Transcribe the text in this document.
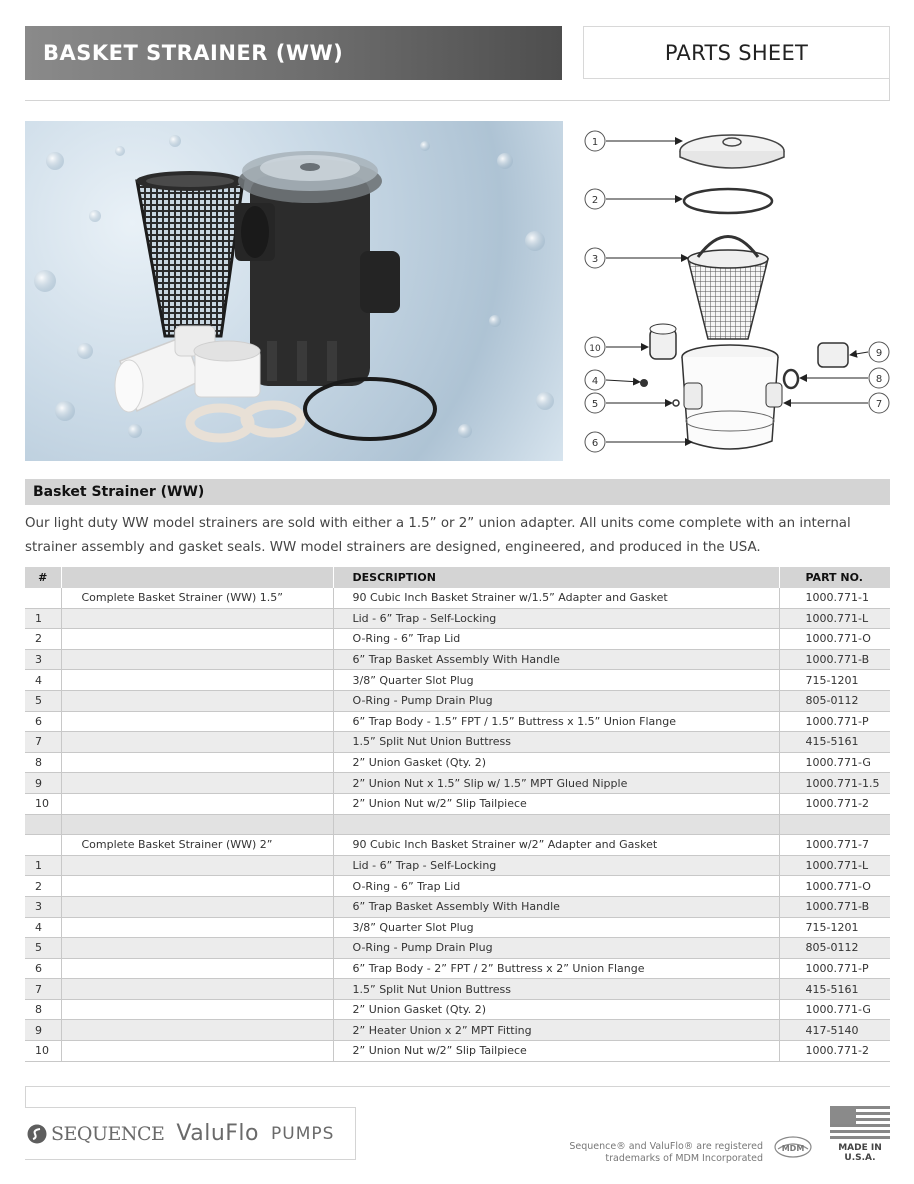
BASKET STRAINER (WW)	PARTS SHEET
1
2
3
10
4
5
6
9
8
7
Basket Strainer (WW)
Our light duty WW model strainers are sold with either a 1.5” or 2” union adapter. All units come complete with an internal strainer assembly and gasket seals. WW model strainers are designed, engineered, and produced in the USA.
#		DESCRIPTION	PART NO.
	Complete Basket Strainer (WW) 1.5”	90 Cubic Inch Basket Strainer w/1.5” Adapter and Gasket	1000.771-1
1		Lid - 6” Trap - Self-Locking	1000.771-L
2		O-Ring - 6” Trap Lid	1000.771-O
3		6” Trap Basket Assembly With Handle	1000.771-B
4		3/8” Quarter Slot Plug	715-1201
5		O-Ring - Pump Drain Plug	805-0112
6		6” Trap Body - 1.5” FPT / 1.5” Buttress x 1.5” Union Flange	1000.771-P
7		1.5” Split Nut Union Buttress	415-5161
8		2” Union Gasket (Qty. 2)	1000.771-G
9		2” Union Nut x 1.5” Slip w/ 1.5” MPT Glued Nipple	1000.771-1.5
10		2” Union Nut w/2” Slip Tailpiece	1000.771-2

	Complete Basket Strainer (WW) 2”	90 Cubic Inch Basket Strainer w/2” Adapter and Gasket	1000.771-7
1		Lid - 6” Trap - Self-Locking	1000.771-L
2		O-Ring - 6” Trap Lid	1000.771-O
3		6” Trap Basket Assembly With Handle	1000.771-B
4		3/8” Quarter Slot Plug	715-1201
5		O-Ring - Pump Drain Plug	805-0112
6		6” Trap Body - 2” FPT / 2” Buttress x 2” Union Flange	1000.771-P
7		1.5” Split Nut Union Buttress	415-5161
8		2” Union Gasket (Qty. 2)	1000.771-G
9		2” Heater Union x 2” MPT Fitting	417-5140
10		2” Union Nut w/2” Slip Tailpiece	1000.771-2
SEQUENCE ValuFlo PUMPS
Sequence® and ValuFlo® are registered
trademarks of MDM Incorporated
MDM	MADE IN
U.S.A.
